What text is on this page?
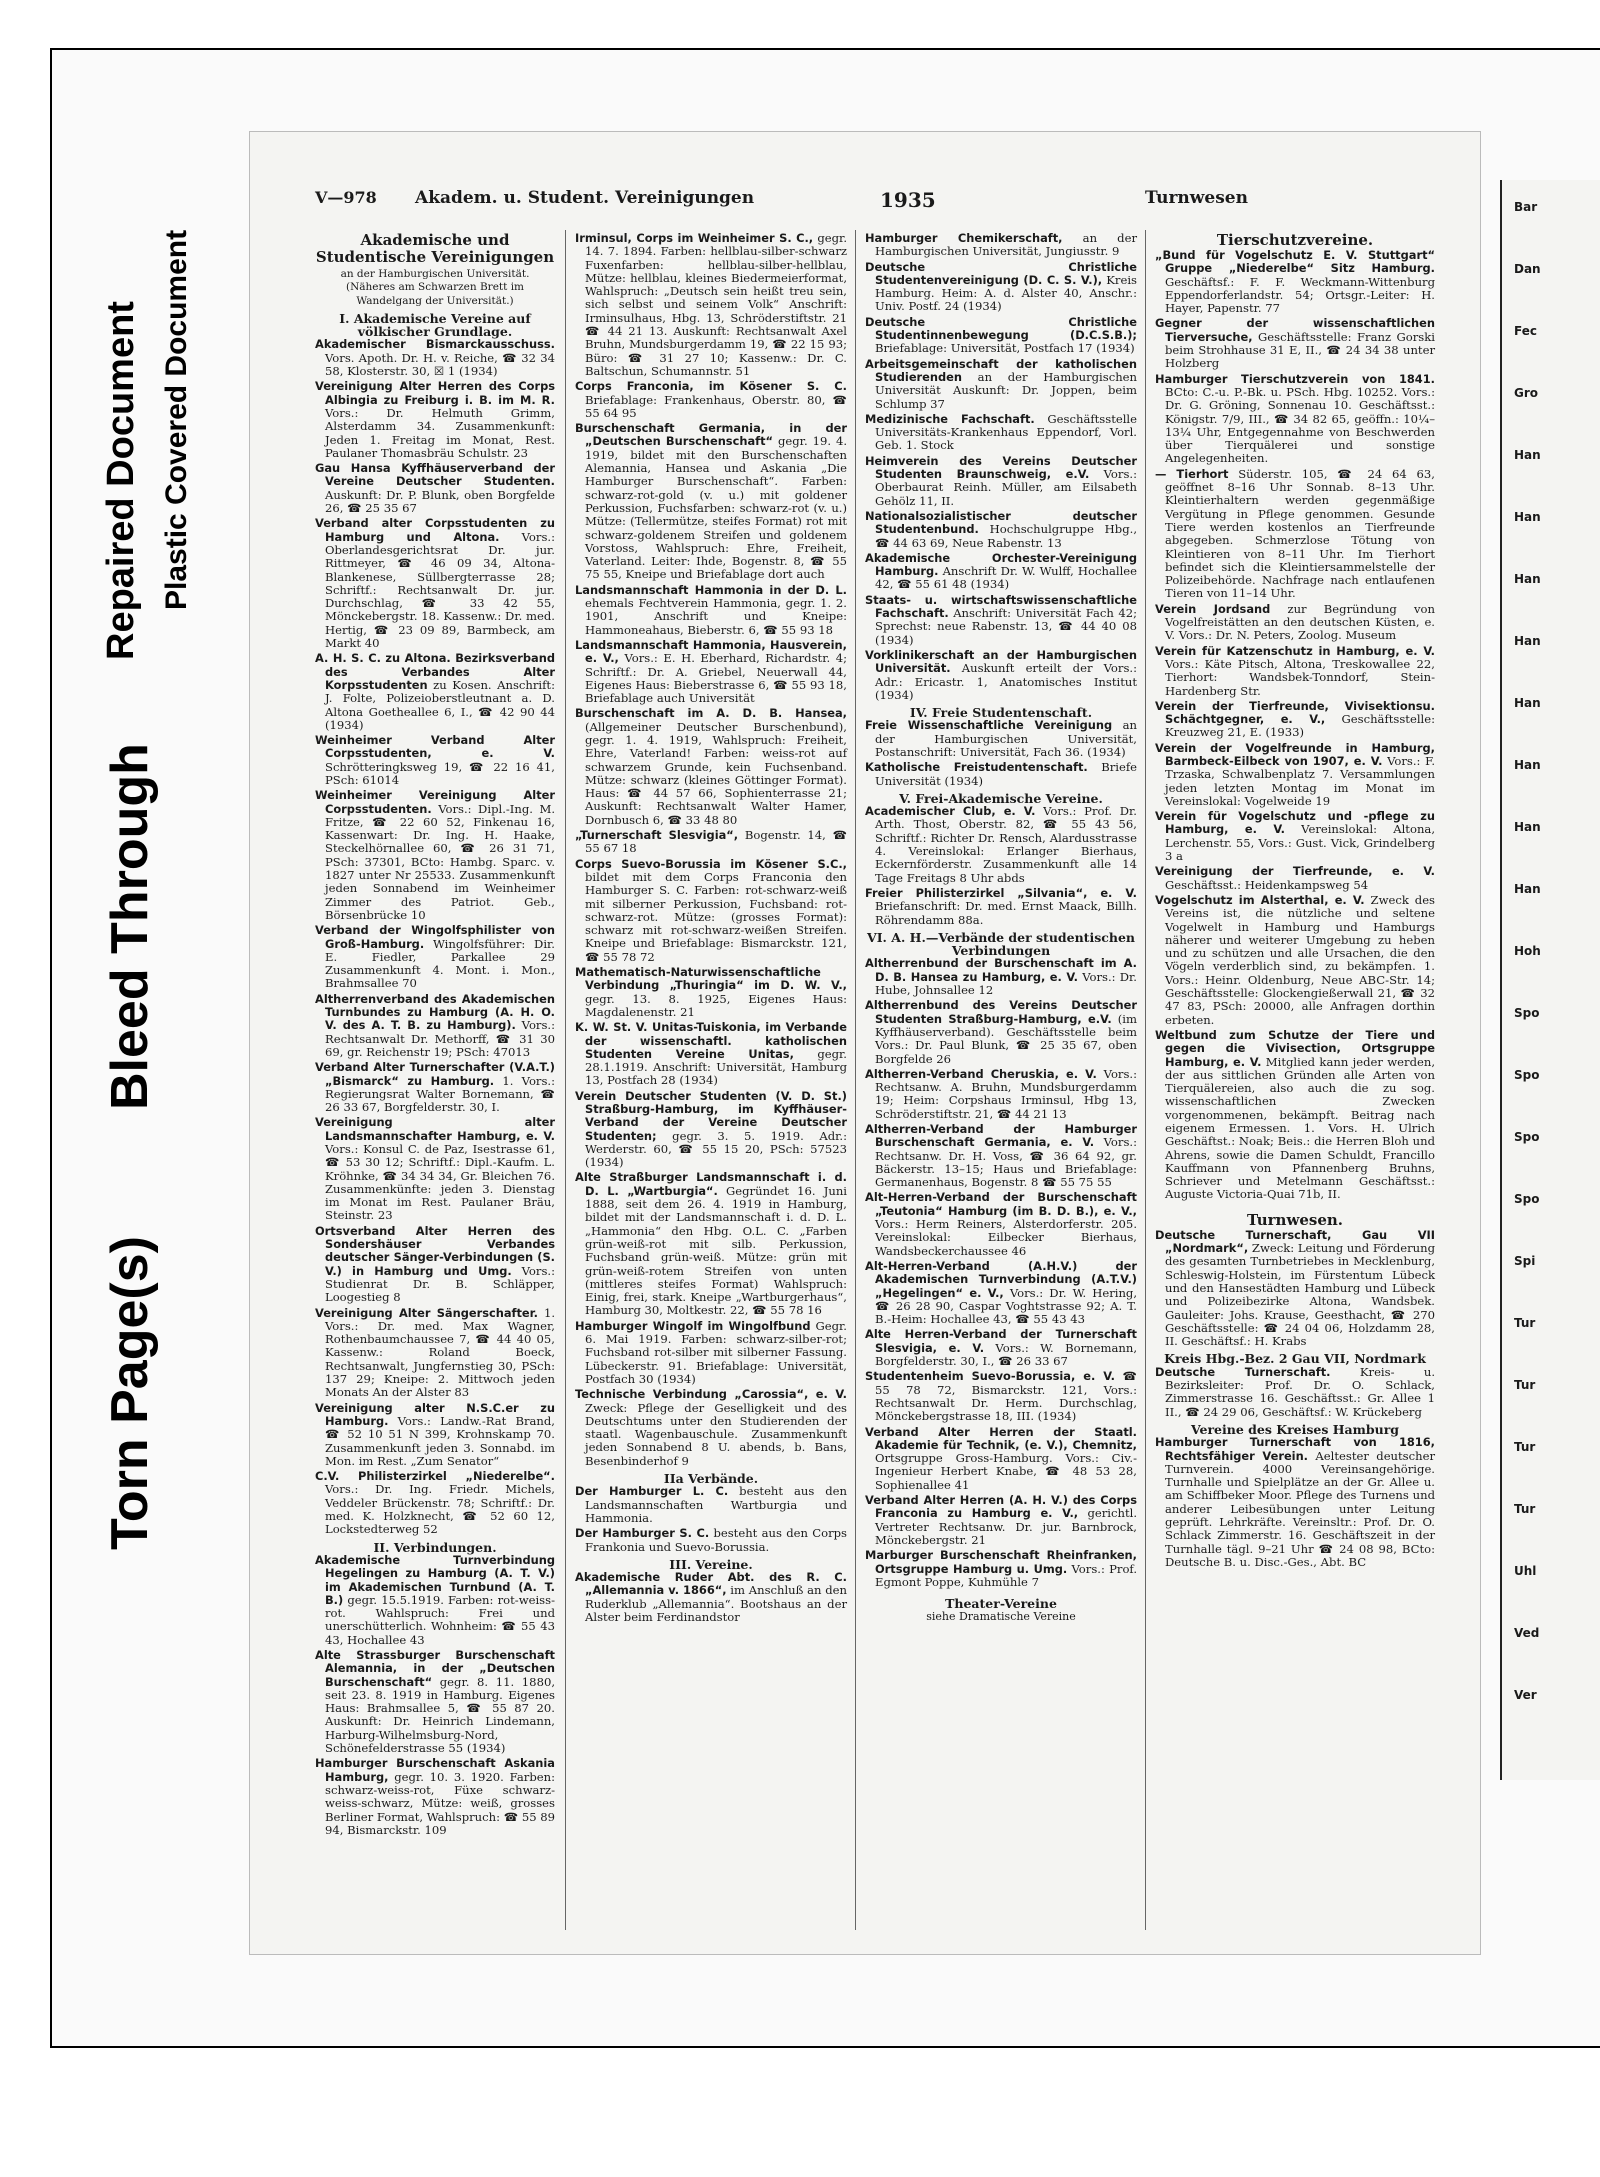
Torn Page(s)
Bleed Through
Repaired Document Plastic Covered Document
V—978 Akadem. u. Student. Vereinigungen	1935	Turnwesen
Akademische und Studentische Vereinigungen
an der Hamburgischen Universität. (Näheres am Schwarzen Brett im Wandelgang der Universität.)
I. Akademische Vereine auf völkischer Grundlage.
Akademischer Bismarckausschuss. Vors. Apoth. Dr. H. v. Reiche, ☎ 32 34 58, Klosterstr. 30, ☒ 1 (1934)
Vereinigung Alter Herren des Corps Albingia zu Freiburg i. B. im M. R. Vors.: Dr. Helmuth Grimm, Alsterdamm 34. Zusammenkunft: Jeden 1. Freitag im Monat, Rest. Paulaner Thomasbräu Schulstr. 23
Gau Hansa Kyffhäuserverband der Vereine Deutscher Studenten. Auskunft: Dr. P. Blunk, oben Borgfelde 26, ☎ 25 35 67
Verband alter Corpsstudenten zu Hamburg und Altona. Vors.: Oberlandesgerichtsrat Dr. jur. Rittmeyer, ☎ 46 09 34, Altona-Blankenese, Süllbergterrasse 28; Schriftf.: Rechtsanwalt Dr. jur. Durchschlag, ☎ 33 42 55, Mönckebergstr. 18. Kassenw.: Dr. med. Hertig, ☎ 23 09 89, Barmbeck, am Markt 40
A. H. S. C. zu Altona. Bezirksverband des Verbandes Alter Korpsstudenten zu Kosen. Anschrift: J. Folte, Polizeioberstleutnant a. D. Altona Goetheallee 6, I., ☎ 42 90 44 (1934)
Weinheimer Verband Alter Corpsstudenten, e. V. Schrötteringksweg 19, ☎ 22 16 41, PSch: 61014
Weinheimer Vereinigung Alter Corpsstudenten. Vors.: Dipl.-Ing. M. Fritze, ☎ 22 60 52, Finkenau 16, Kassenwart: Dr. Ing. H. Haake, Steckelhörnallee 60, ☎ 26 31 71, PSch: 37301, BCto: Hambg. Sparc. v. 1827 unter Nr 25533. Zusammenkunft jeden Sonnabend im Weinheimer Zimmer des Patriot. Geb., Börsenbrücke 10
Verband der Wingolfsphilister von Groß-Hamburg. Wingolfsführer: Dir. E. Fiedler, Parkallee 29 Zusammenkunft 4. Mont. i. Mon., Brahmsallee 70
Altherrenverband des Akademischen Turnbundes zu Hamburg (A. H. O. V. des A. T. B. zu Hamburg). Vors.: Rechtsanwalt Dr. Methorff, ☎ 31 30 69, gr. Reichenstr 19; PSch: 47013
Verband Alter Turnerschafter (V.A.T.) „Bismarck“ zu Hamburg. 1. Vors.: Regierungsrat Walter Bornemann, ☎ 26 33 67, Borgfelderstr. 30, I.
Vereinigung alter Landsmannschafter Hamburg, e. V. Vors.: Konsul C. de Paz, Isestrasse 61, ☎ 53 30 12; Schriftf.: Dipl.-Kaufm. L. Kröhnke, ☎ 34 34 34, Gr. Bleichen 76. Zusammenkünfte: jeden 3. Dienstag im Monat im Rest. Paulaner Bräu, Steinstr. 23
Ortsverband Alter Herren des Sondershäuser Verbandes deutscher Sänger-Verbindungen (S. V.) in Hamburg und Umg. Vors.: Studienrat Dr. B. Schläpper, Loogestieg 8
Vereinigung Alter Sängerschafter. 1. Vors.: Dr. med. Max Wagner, Rothenbaumchaussee 7, ☎ 44 40 05, Kassenw.: Roland Boeck, Rechtsanwalt, Jungfernstieg 30, PSch: 137 29; Kneipe: 2. Mittwoch jeden Monats An der Alster 83
Vereinigung alter N.S.C.er zu Hamburg. Vors.: Landw.-Rat Brand, ☎ 52 10 51 N 399, Krohnskamp 70. Zusammenkunft jeden 3. Sonnabd. im Mon. im Rest. „Zum Senator“
C.V. Philisterzirkel „Niederelbe“. Vors.: Dr. Ing. Friedr. Michels, Veddeler Brückenstr. 78; Schriftf.: Dr. med. K. Holzknecht, ☎ 52 60 12, Lockstedterweg 52
II. Verbindungen.
Akademische Turnverbindung Hegelingen zu Hamburg (A. T. V.) im Akademischen Turnbund (A. T. B.) gegr. 15.5.1919. Farben: rot-weiss-rot. Wahlspruch: Frei und unerschütterlich. Wohnheim: ☎ 55 43 43, Hochallee 43
Alte Strassburger Burschenschaft Alemannia, in der „Deutschen Burschenschaft“ gegr. 8. 11. 1880, seit 23. 8. 1919 in Hamburg. Eigenes Haus: Brahmsallee 5, ☎ 55 87 20. Auskunft: Dr. Heinrich Lindemann, Harburg-Wilhelmsburg-Nord, Schönefelderstrasse 55 (1934)
Hamburger Burschenschaft Askania Hamburg, gegr. 10. 3. 1920. Farben: schwarz-weiss-rot, Füxe schwarz-weiss-schwarz, Mütze: weiß, grosses Berliner Format, Wahlspruch: ☎ 55 89 94, Bismarckstr. 109
Irminsul, Corps im Weinheimer S. C., gegr. 14. 7. 1894. Farben: hellblau-silber-schwarz Fuxenfarben: hellblau-silber-hellblau, Mütze: hellblau, kleines Biedermeierformat, Wahlspruch: „Deutsch sein heißt treu sein, sich selbst und seinem Volk“ Anschrift: Irminsulhaus, Hbg. 13, Schröderstiftstr. 21 ☎ 44 21 13. Auskunft: Rechtsanwalt Axel Bruhn, Mundsburgerdamm 19, ☎ 22 15 93; Büro: ☎ 31 27 10; Kassenw.: Dr. C. Baltschun, Schumannstr. 51
Corps Franconia, im Kösener S. C. Briefablage: Frankenhaus, Oberstr. 80, ☎ 55 64 95
Burschenschaft Germania, in der „Deutschen Burschenschaft“ gegr. 19. 4. 1919, bildet mit den Burschenschaften Alemannia, Hansea und Askania „Die Hamburger Burschenschaft“. Farben: schwarz-rot-gold (v. u.) mit goldener Perkussion, Fuchsfarben: schwarz-rot (v. u.) Mütze: (Tellermütze, steifes Format) rot mit schwarz-goldenem Streifen und goldenem Vorstoss, Wahlspruch: Ehre, Freiheit, Vaterland. Leiter: Ihde, Bogenstr. 8, ☎ 55 75 55, Kneipe und Briefablage dort auch
Landsmannschaft Hammonia in der D. L. ehemals Fechtverein Hammonia, gegr. 1. 2. 1901, Anschrift und Kneipe: Hammoneahaus, Bieberstr. 6, ☎ 55 93 18
Landsmannschaft Hammonia, Hausverein, e. V., Vors.: E. H. Eberhard, Richardstr. 4; Schriftf.: Dr. A. Griebel, Neuerwall 44, Eigenes Haus: Bieberstrasse 6, ☎ 55 93 18, Briefablage auch Universität
Burschenschaft im A. D. B. Hansea, (Allgemeiner Deutscher Burschenbund), gegr. 1. 4. 1919, Wahlspruch: Freiheit, Ehre, Vaterland! Farben: weiss-rot auf schwarzem Grunde, kein Fuchsenband. Mütze: schwarz (kleines Göttinger Format). Haus: ☎ 44 57 66, Sophienterrasse 21; Auskunft: Rechtsanwalt Walter Hamer, Dornbusch 6, ☎ 33 48 80
„Turnerschaft Slesvigia“, Bogenstr. 14, ☎ 55 67 18
Corps Suevo-Borussia im Kösener S.C., bildet mit dem Corps Franconia den Hamburger S. C. Farben: rot-schwarz-weiß mit silberner Perkussion, Fuchsband: rot-schwarz-rot. Mütze: (grosses Format): schwarz mit rot-schwarz-weißen Streifen. Kneipe und Briefablage: Bismarckstr. 121, ☎ 55 78 72
Mathematisch-Naturwissenschaftliche Verbindung „Thuringia“ im D. W. V., gegr. 13. 8. 1925, Eigenes Haus: Magdalenenstr. 21
K. W. St. V. Unitas-Tuiskonia, im Verbande der wissenschaftl. katholischen Studenten Vereine Unitas, gegr. 28.1.1919. Anschrift: Universität, Hamburg 13, Postfach 28 (1934)
Verein Deutscher Studenten (V. D. St.) Straßburg-Hamburg, im Kyffhäuser-Verband der Vereine Deutscher Studenten; gegr. 3. 5. 1919. Adr.: Werderstr. 60, ☎ 55 15 20, PSch: 57523 (1934)
Alte Straßburger Landsmannschaft i. d. D. L. „Wartburgia“. Gegründet 16. Juni 1888, seit dem 26. 4. 1919 in Hamburg, bildet mit der Landsmannschaft i. d. D. L. „Hammonia“ den Hbg. O.L. C. „Farben grün-weiß-rot mit silb. Perkussion, Fuchsband grün-weiß. Mütze: grün mit grün-weiß-rotem Streifen von unten (mittleres steifes Format) Wahlspruch: Einig, frei, stark. Kneipe „Wartburgerhaus“, Hamburg 30, Moltkestr. 22, ☎ 55 78 16
Hamburger Wingolf im Wingolfbund Gegr. 6. Mai 1919. Farben: schwarz-silber-rot; Fuchsband rot-silber mit silberner Fassung. Lübeckerstr. 91. Briefablage: Universität, Postfach 30 (1934)
Technische Verbindung „Carossia“, e. V. Zweck: Pflege der Geselligkeit und des Deutschtums unter den Studierenden der staatl. Wagenbauschule. Zusammenkunft jeden Sonnabend 8 U. abends, b. Bans, Besenbinderhof 9
IIa Verbände.
Der Hamburger L. C. besteht aus den Landsmannschaften Wartburgia und Hammonia.
Der Hamburger S. C. besteht aus den Corps Frankonia und Suevo-Borussia.
III. Vereine.
Akademische Ruder Abt. des R. C. „Allemannia v. 1866“, im Anschluß an den Ruderklub „Allemannia“. Bootshaus an der Alster beim Ferdinandstor
Hamburger Chemikerschaft, an der Hamburgischen Universität, Jungiusstr. 9
Deutsche Christliche Studentenvereinigung (D. C. S. V.), Kreis Hamburg. Heim: A. d. Alster 40, Anschr.: Univ. Postf. 24 (1934)
Deutsche Christliche Studentinnenbewegung (D.C.S.B.); Briefablage: Universität, Postfach 17 (1934)
Arbeitsgemeinschaft der katholischen Studierenden an der Hamburgischen Universität Auskunft: Dr. Joppen, beim Schlump 37
Medizinische Fachschaft. Geschäftsstelle Universitäts-Krankenhaus Eppendorf, Vorl. Geb. 1. Stock
Heimverein des Vereins Deutscher Studenten Braunschweig, e.V. Vors.: Oberbaurat Reinh. Müller, am Eilsabeth Gehölz 11, II.
Nationalsozialistischer deutscher Studentenbund. Hochschulgruppe Hbg., ☎ 44 63 69, Neue Rabenstr. 13
Akademische Orchester-Vereinigung Hamburg. Anschrift Dr. W. Wulff, Hochallee 42, ☎ 55 61 48 (1934)
Staats- u. wirtschaftswissenschaftliche Fachschaft. Anschrift: Universität Fach 42; Sprechst: neue Rabenstr. 13, ☎ 44 40 08 (1934)
Vorklinikerschaft an der Hamburgischen Universität. Auskunft erteilt der Vors.: Adr.: Ericastr. 1, Anatomisches Institut (1934)
IV. Freie Studentenschaft.
Freie Wissenschaftliche Vereinigung an der Hamburgischen Universität, Postanschrift: Universität, Fach 36. (1934)
Katholische Freistudentenschaft. Briefe Universität (1934)
V. Frei-Akademische Vereine.
Academischer Club, e. V. Vors.: Prof. Dr. Arth. Thost, Oberstr. 82, ☎ 55 43 56, Schriftf.: Richter Dr. Rensch, Alardusstrasse 4. Vereinslokal: Erlanger Bierhaus, Eckernförderstr. Zusammenkunft alle 14 Tage Freitags 8 Uhr abds
Freier Philisterzirkel „Silvania“, e. V. Briefanschrift: Dr. med. Ernst Maack, Billh. Röhrendamm 88a.
VI. A. H.—Verbände der studentischen Verbindungen
Altherrenbund der Burschenschaft im A. D. B. Hansea zu Hamburg, e. V. Vors.: Dr. Hube, Johnsallee 12
Altherrenbund des Vereins Deutscher Studenten Straßburg-Hamburg, e.V. (im Kyffhäuserverband). Geschäftsstelle beim Vors.: Dr. Paul Blunk, ☎ 25 35 67, oben Borgfelde 26
Altherren-Verband Cheruskia, e. V. Vors.: Rechtsanw. A. Bruhn, Mundsburgerdamm 19; Heim: Corpshaus Irminsul, Hbg 13, Schröderstiftstr. 21, ☎ 44 21 13
Altherren-Verband der Hamburger Burschenschaft Germania, e. V. Vors.: Rechtsanw. Dr. H. Voss, ☎ 36 64 92, gr. Bäckerstr. 13–15; Haus und Briefablage: Germanenhaus, Bogenstr. 8 ☎ 55 75 55
Alt-Herren-Verband der Burschenschaft „Teutonia“ Hamburg (im B. D. B.), e. V., Vors.: Herm Reiners, Alsterdorferstr. 205. Vereinslokal: Eilbecker Bierhaus, Wandsbeckerchaussee 46
Alt-Herren-Verband (A.H.V.) der Akademischen Turnverbindung (A.T.V.) „Hegelingen“ e. V., Vors.: Dr. W. Hering, ☎ 26 28 90, Caspar Voghtstrasse 92; A. T. B.-Heim: Hochallee 43, ☎ 55 43 43
Alte Herren-Verband der Turnerschaft Slesvigia, e. V. Vors.: W. Bornemann, Borgfelderstr. 30, I., ☎ 26 33 67
Studentenheim Suevo-Borussia, e. V. ☎ 55 78 72, Bismarckstr. 121, Vors.: Rechtsanwalt Dr. Herm. Durchschlag, Mönckebergstrasse 18, III. (1934)
Verband Alter Herren der Staatl. Akademie für Technik, (e. V.), Chemnitz, Ortsgruppe Gross-Hamburg. Vors.: Civ.-Ingenieur Herbert Knabe, ☎ 48 53 28, Sophienallee 41
Verband Alter Herren (A. H. V.) des Corps Franconia zu Hamburg e. V., gerichtl. Vertreter Rechtsanw. Dr. jur. Barnbrock, Mönckebergstr. 21
Marburger Burschenschaft Rheinfranken, Ortsgruppe Hamburg u. Umg. Vors.: Prof. Egmont Poppe, Kuhmühle 7
Theater-Vereine
siehe Dramatische Vereine
Tierschutzvereine.
„Bund für Vogelschutz E. V. Stuttgart“ Gruppe „Niederelbe“ Sitz Hamburg. Geschäftsf.: F. F. Weckmann-Wittenburg Eppendorferlandstr. 54; Ortsgr.-Leiter: H. Hayer, Papenstr. 77
Gegner der wissenschaftlichen Tierversuche, Geschäftsstelle: Franz Gorski beim Strohhause 31 E, II., ☎ 24 34 38 unter Holzberg
Hamburger Tierschutzverein von 1841. BCto: C.-u. P.-Bk. u. PSch. Hbg. 10252. Vors.: Dr. G. Gröning, Sonnenau 10. Geschäftsst.: Königstr. 7/9, III., ☎ 34 82 65, geöffn.: 10¼–13¼ Uhr, Entgegennahme von Beschwerden über Tierquälerei und sonstige Angelegenheiten.
— Tierhort Süderstr. 105, ☎ 24 64 63, geöffnet 8–16 Uhr Sonnab. 8–13 Uhr. Kleintierhaltern werden gegenmäßige Vergütung in Pflege genommen. Gesunde Tiere werden kostenlos an Tierfreunde abgegeben. Schmerzlose Tötung von Kleintieren von 8–11 Uhr. Im Tierhort befindet sich die Kleintiersammelstelle der Polizeibehörde. Nachfrage nach entlaufenen Tieren von 11–14 Uhr.
Verein Jordsand zur Begründung von Vogelfreistätten an den deutschen Küsten, e. V. Vors.: Dr. N. Peters, Zoolog. Museum
Verein für Katzenschutz in Hamburg, e. V. Vors.: Käte Pitsch, Altona, Treskowallee 22, Tierhort: Wandsbek-Tonndorf, Stein-Hardenberg Str.
Verein der Tierfreunde, Vivisektionsu. Schächtgegner, e. V., Geschäftsstelle: Kreuzweg 21, E. (1933)
Verein der Vogelfreunde in Hamburg, Barmbeck-Eilbeck von 1907, e. V. Vors.: F. Trzaska, Schwalbenplatz 7. Versammlungen jeden letzten Montag im Monat im Vereinslokal: Vogelweide 19
Verein für Vogelschutz und -pflege zu Hamburg, e. V. Vereinslokal: Altona, Lerchenstr. 55, Vors.: Gust. Vick, Grindelberg 3 a
Vereinigung der Tierfreunde, e. V. Geschäftsst.: Heidenkampsweg 54
Vogelschutz im Alsterthal, e. V. Zweck des Vereins ist, die nützliche und seltene Vogelwelt in Hamburg und Hamburgs näherer und weiterer Umgebung zu heben und zu schützen und alle Ursachen, die den Vögeln verderblich sind, zu bekämpfen. 1. Vors.: Heinr. Oldenburg, Neue ABC-Str. 14; Geschäftsstelle: Glockengießerwall 21, ☎ 32 47 83, PSch: 20000, alle Anfragen dorthin erbeten.
Weltbund zum Schutze der Tiere und gegen die Vivisection, Ortsgruppe Hamburg, e. V. Mitglied kann jeder werden, der aus sittlichen Gründen alle Arten von Tierquälereien, also auch die zu sog. wissenschaftlichen Zwecken vorgenommenen, bekämpft. Beitrag nach eigenem Ermessen. 1. Vors. H. Ulrich Geschäftst.: Noak; Beis.: die Herren Bloh und Ahrens, sowie die Damen Schuldt, Francillo Kauffmann von Pfannenberg Bruhns, Schriever und Metelmann Geschäftsst.: Auguste Victoria-Quai 71b, II.
Turnwesen.
Deutsche Turnerschaft, Gau VII „Nordmark“, Zweck: Leitung und Förderung des gesamten Turnbetriebes in Mecklenburg, Schleswig-Holstein, im Fürstentum Lübeck und den Hansestädten Hamburg und Lübeck und Polizeibezirke Altona, Wandsbek. Gauleiter: Johs. Krause, Geesthacht, ☎ 270 Geschäftsstelle: ☎ 24 04 06, Holzdamm 28, II. Geschäftsf.: H. Krabs
Kreis Hbg.-Bez. 2 Gau VII, Nordmark
Deutsche Turnerschaft.	Kreis- u. Bezirksleiter: Prof. Dr. O. Schlack, Zimmerstrasse 16. Geschäftsst.: Gr. Allee 1 II., ☎ 24 29 06, Geschäftsf.: W. Krückeberg
Vereine des Kreises Hamburg
Hamburger Turnerschaft von 1816, Rechtsfähiger Verein. Aeltester deutscher Turnverein. 4000 Vereinsangehörige. Turnhalle und Spielplätze an der Gr. Allee u. am Schiffbeker Moor. Pflege des Turnens und anderer Leibesübungen unter Leitung geprüft. Lehrkräfte. Vereinsltr.: Prof. Dr. O. Schlack Zimmerstr. 16. Geschäftszeit in der Turnhalle tägl. 9–21 Uhr ☎ 24 08 98, BCto: Deutsche B. u. Disc.-Ges., Abt. BC
Bar
Dan
Fec
Gro
Han
Han
Han
Han
Han
Han
Han
Han
Hoh
Spo
Spo
Spo
Spo
Spi
Tur
Tur
Tur
Tur
Uhl
Ved
Ver
